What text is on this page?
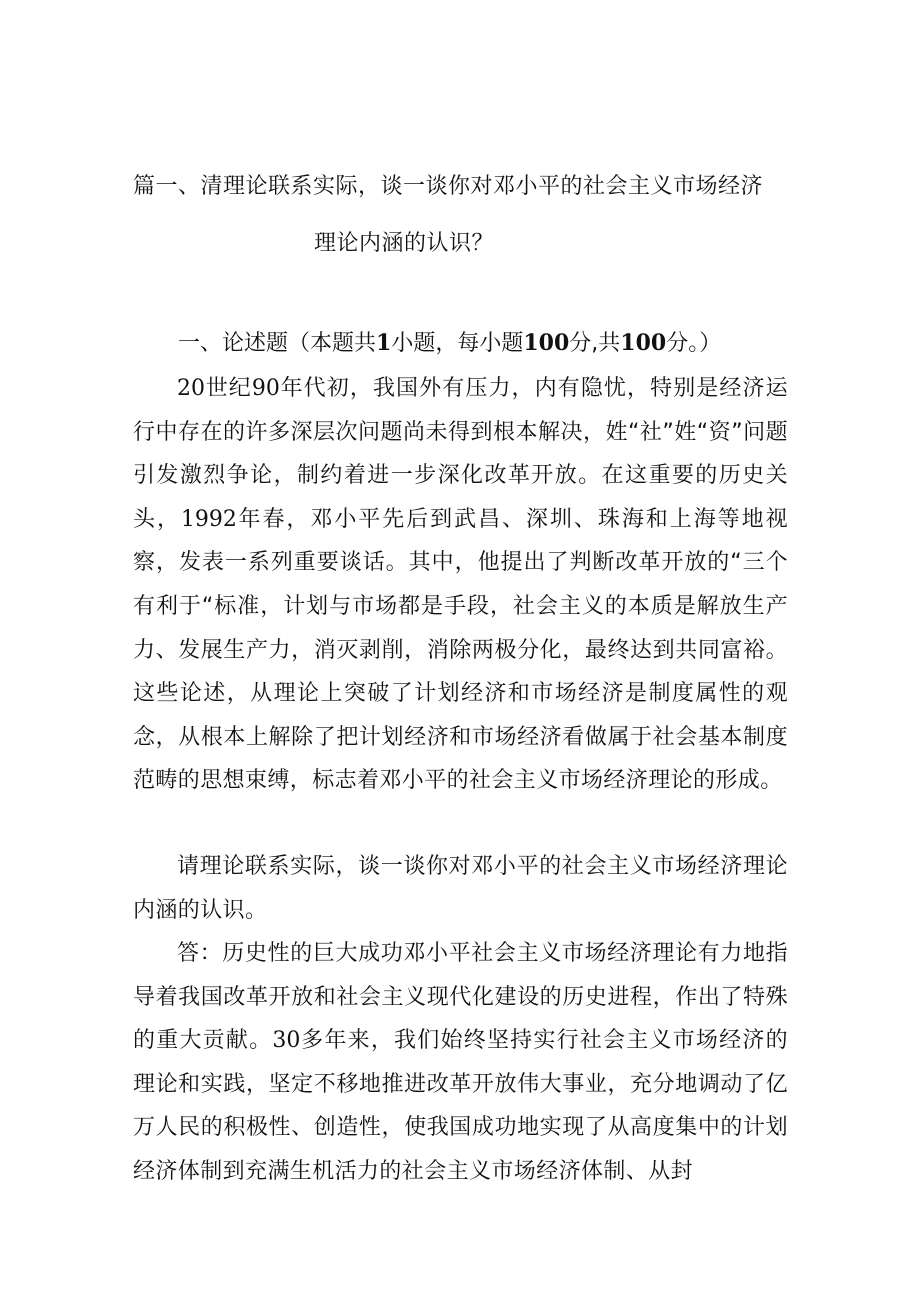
篇一、清理论联系实际，谈一谈你对邓小平的社会主义市场经济
理论内涵的认识？
一、论述题（本题共1小题，每小题100分,共100分。）
20世纪90年代初，我国外有压力，内有隐忧，特别是经济运行中存在的许多深层次问题尚未得到根本解决，姓“社”姓“资”问题引发激烈争论，制约着进一步深化改革开放。在这重要的历史关头，1992年春，邓小平先后到武昌、深圳、珠海和上海等地视察，发表一系列重要谈话。其中，他提出了判断改革开放的“三个有利于“标准，计划与市场都是手段，社会主义的本质是解放生产力、发展生产力，消灭剥削，消除两极分化，最终达到共同富裕。这些论述，从理论上突破了计划经济和市场经济是制度属性的观念，从根本上解除了把计划经济和市场经济看做属于社会基本制度范畴的思想束缚，标志着邓小平的社会主义市场经济理论的形成。
请理论联系实际，谈一谈你对邓小平的社会主义市场经济理论内涵的认识。
答：历史性的巨大成功邓小平社会主义市场经济理论有力地指导着我国改革开放和社会主义现代化建设的历史进程，作出了特殊的重大贡献。30多年来，我们始终坚持实行社会主义市场经济的理论和实践，坚定不移地推进改革开放伟大事业，充分地调动了亿万人民的积极性、创造性，使我国成功地实现了从高度集中的计划经济体制到充满生机活力的社会主义市场经济体制、从封
